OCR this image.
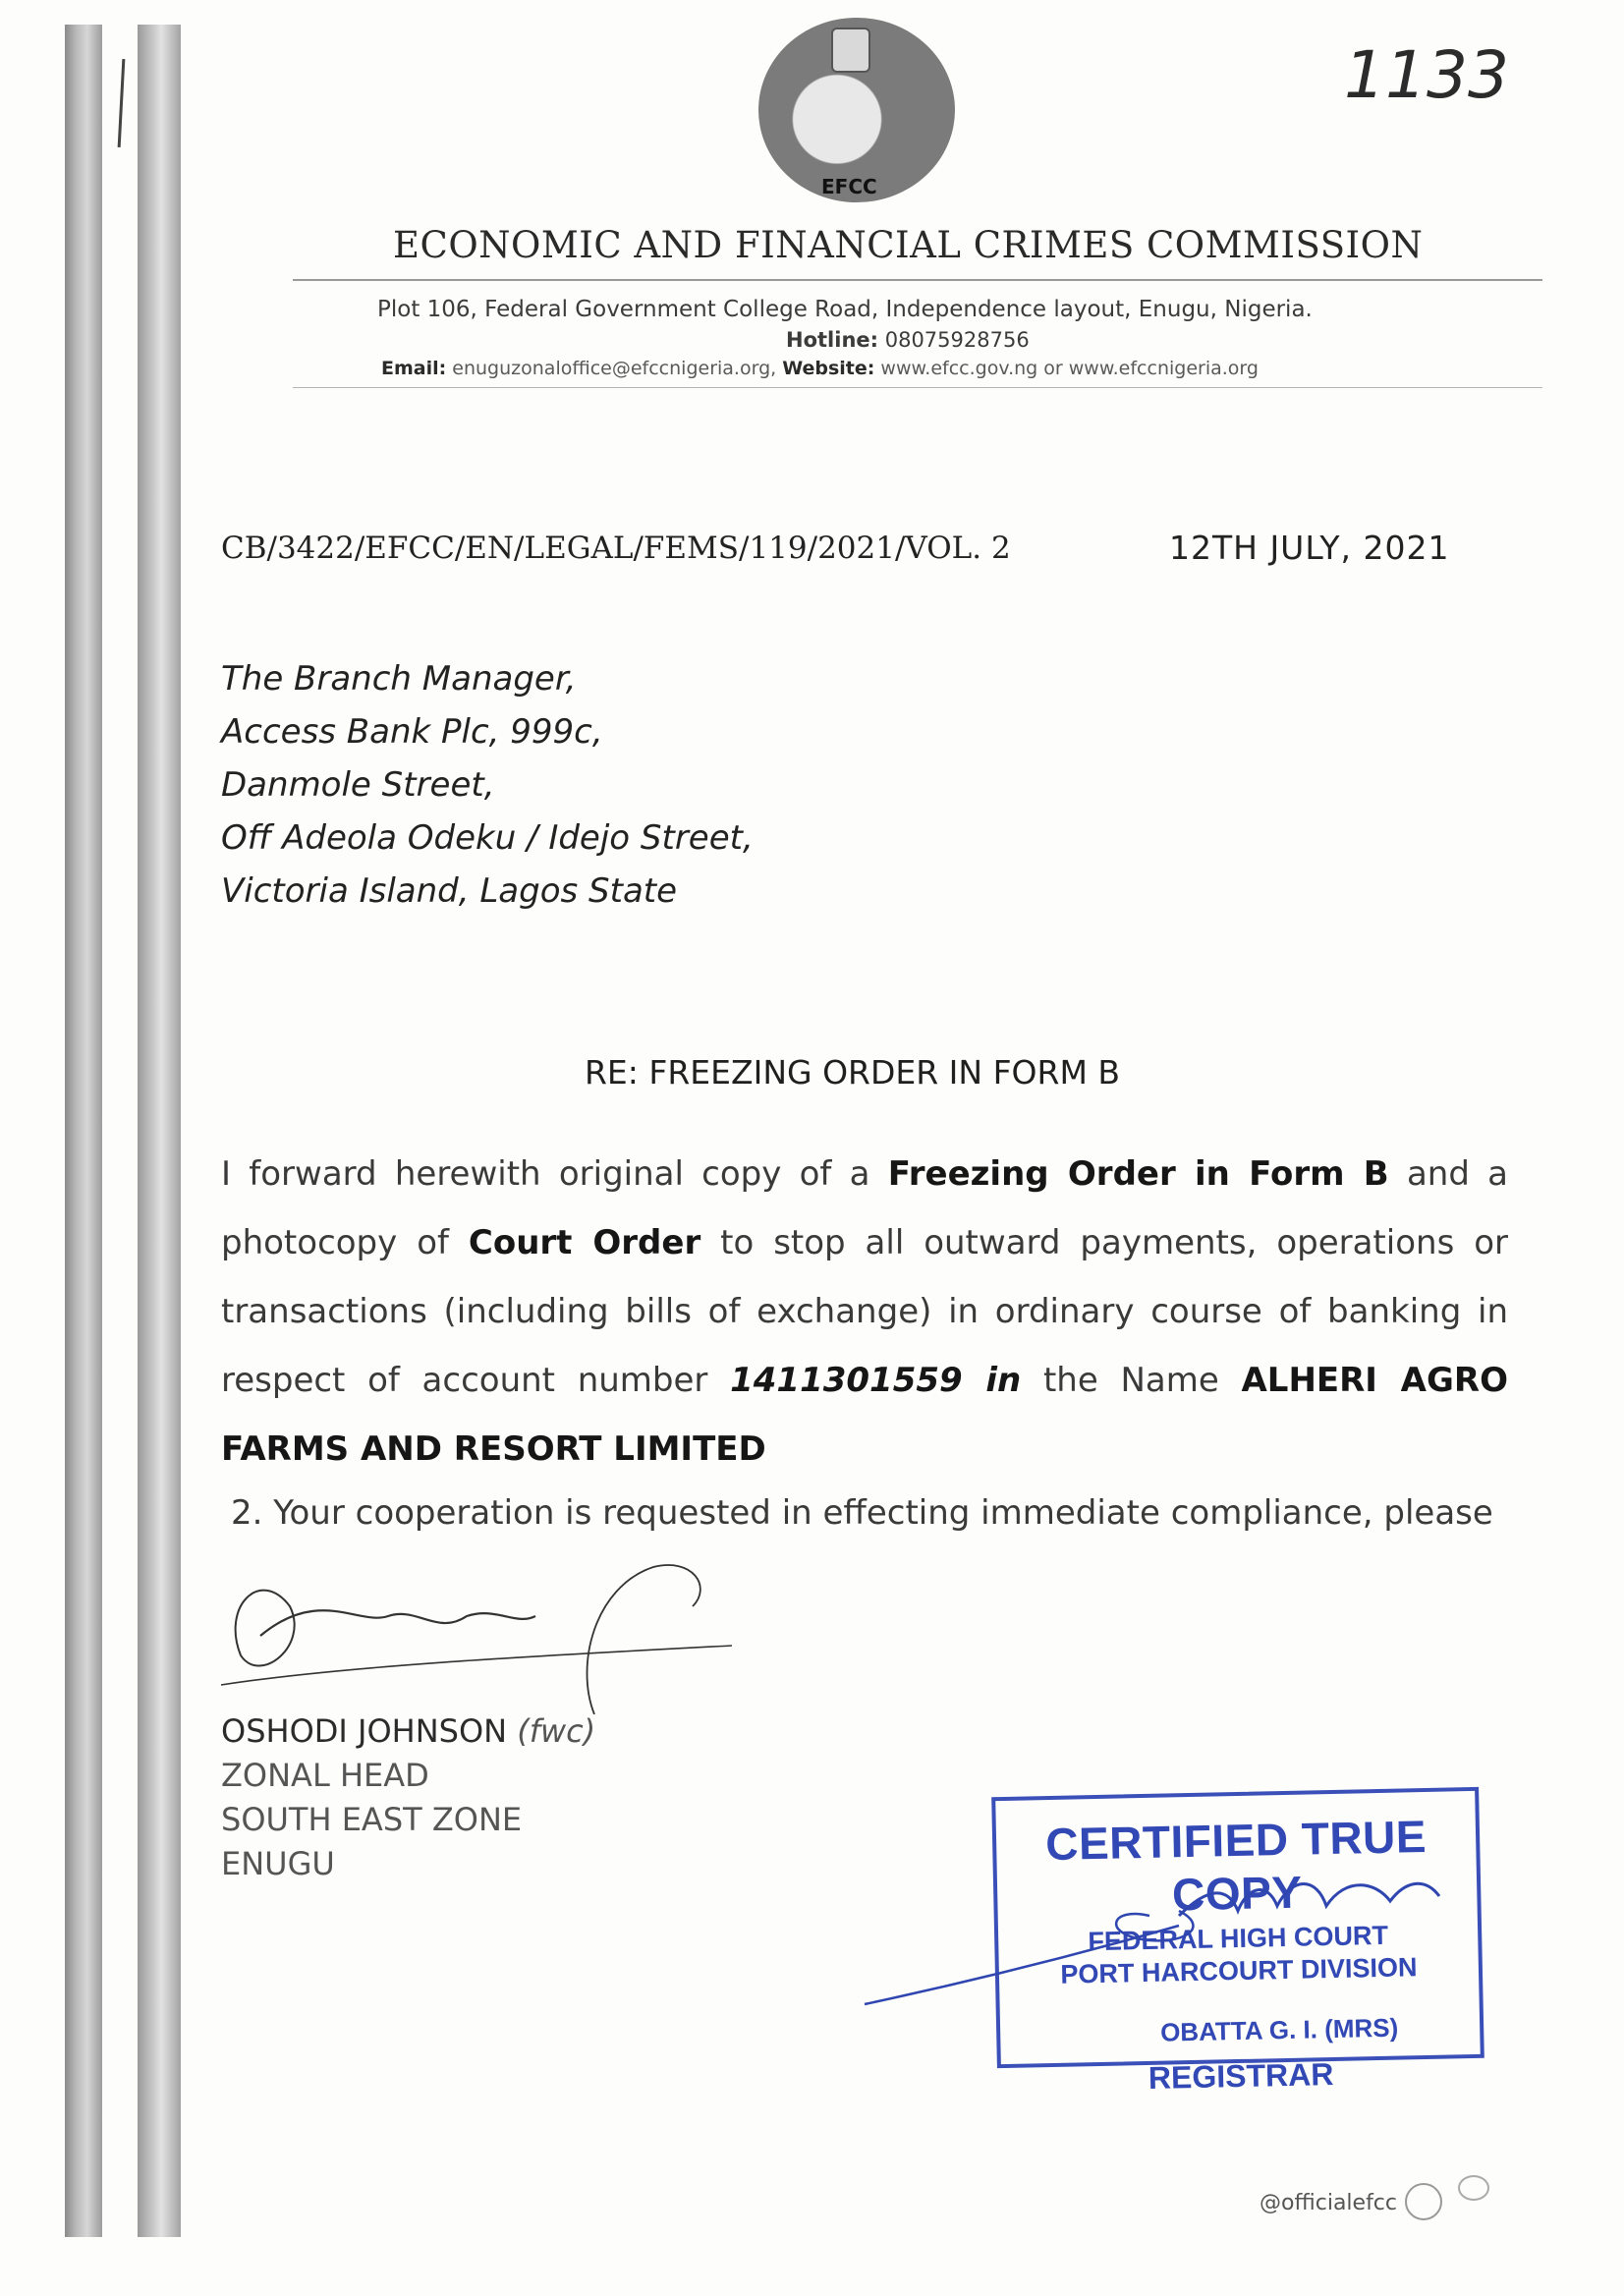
EFCC
1133
ECONOMIC AND FINANCIAL CRIMES COMMISSION
Plot 106, Federal Government College Road, Independence layout, Enugu, Nigeria.
Hotline: 08075928756
Email: enuguzonaloffice@efccnigeria.org, Website: www.efcc.gov.ng or www.efccnigeria.org
CB/3422/EFCC/EN/LEGAL/FEMS/119/2021/VOL. 2	12TH JULY, 2021
The Branch Manager,
Access Bank Plc, 999c,
Danmole Street,
Off Adeola Odeku / Idejo Street,
Victoria Island, Lagos State
RE: FREEZING ORDER IN FORM B
I forward herewith original copy of a Freezing Order in Form B and a photocopy of Court Order to stop all outward payments, operations or transactions (including bills of exchange) in ordinary course of banking in respect of account number 1411301559 in the Name ALHERI AGRO FARMS AND RESORT LIMITED
2. Your cooperation is requested in effecting immediate compliance, please
OSHODI JOHNSON (fwc)
ZONAL HEAD
SOUTH EAST ZONE
ENUGU	CERTIFIED TRUE COPY
FEDERAL HIGH COURT
PORT HARCOURT DIVISION
OBATTA G. I. (MRS)
REGISTRAR
@officialefcc
